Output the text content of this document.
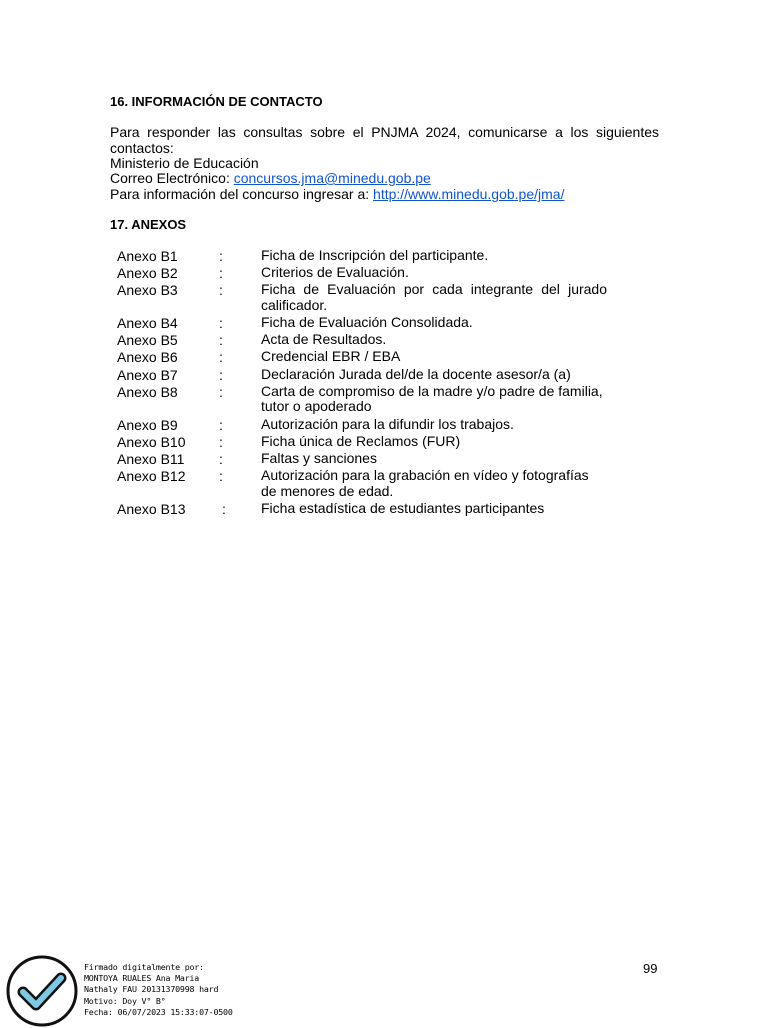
16. INFORMACIÓN DE CONTACTO
Para responder las consultas sobre el PNJMA 2024, comunicarse a los siguientes contactos:
Ministerio de Educación
Correo Electrónico: concursos.jma@minedu.gob.pe
Para información del concurso ingresar a: http://www.minedu.gob.pe/jma/
17. ANEXOS
Anexo B1	:	Ficha de Inscripción del participante.
Anexo B2	:	Criterios de Evaluación.
Anexo B3	:	Ficha de Evaluación por cada integrante del jurado calificador.
Anexo B4	:	Ficha de Evaluación Consolidada.
Anexo B5	:	Acta de Resultados.
Anexo B6	:	Credencial EBR / EBA
Anexo B7	:	Declaración Jurada del/de la docente asesor/a (a)
Anexo B8	:	Carta de compromiso de la madre y/o padre de familia, tutor o apoderado
Anexo B9	:	Autorización para la difundir los trabajos.
Anexo B10 :	Ficha única de Reclamos (FUR)
Anexo B11 :	Faltas y sanciones
Anexo B12 :	Autorización para la grabación en vídeo y fotografías de menores de edad.
Anexo B13	:	Ficha estadística de estudiantes participantes
99
Firmado digitalmente por:
MONTOYA RUALES Ana Maria
Nathaly FAU 20131370998 hard
Motivo: Doy V° B°
Fecha: 06/07/2023 15:33:07-0500
